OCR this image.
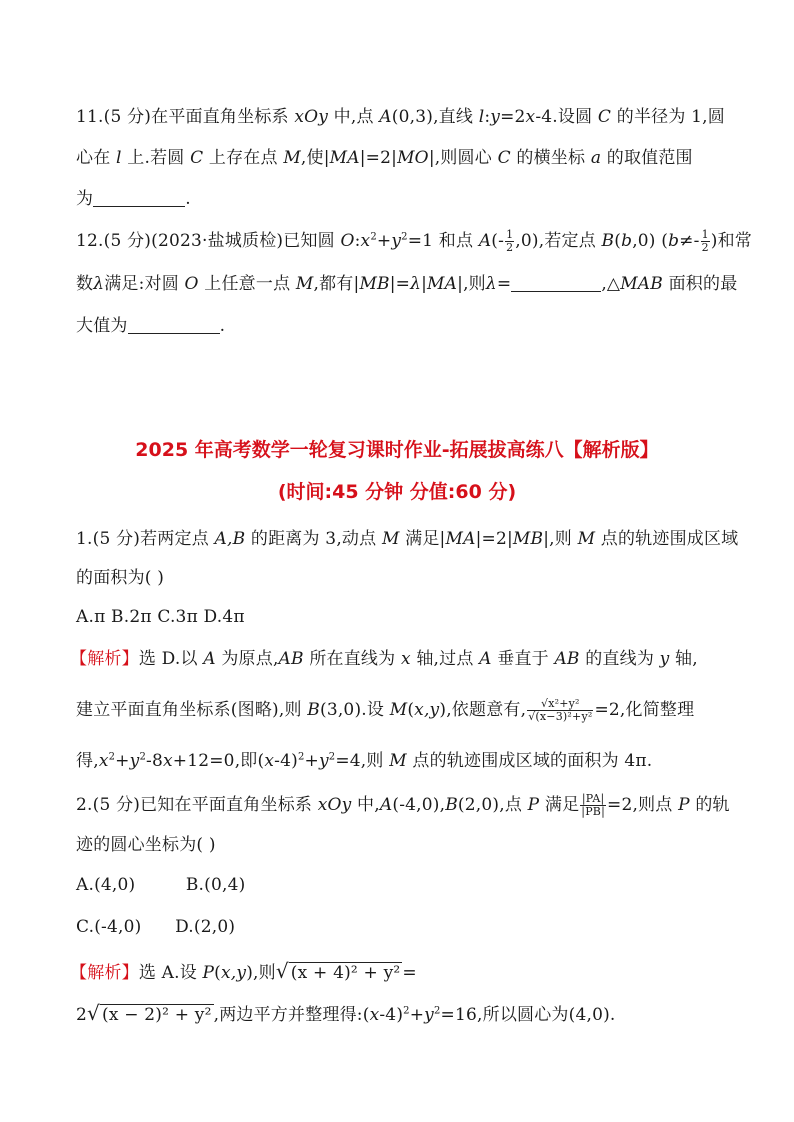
11.(5 分)在平面直角坐标系 xOy 中,点 A(0,3),直线 l:y=2x-4.设圆 C 的半径为 1,圆
心在 l 上.若圆 C 上存在点 M,使|MA|=2|MO|,则圆心 C 的横坐标 a 的取值范围
为	.
12.(5 分)(2023·盐城质检)已知圆 $O:x^2+y^2=1$ 和点 $A(- \frac{1}{2} ,0)$,若定点 B(b,0) ($b\ne- \frac{1}{2}$ )和常
数λ满足:对圆 O 上任意一点 M,都有|MB|=λ|MA|,则λ=	,△MAB 面积的最
大值为	.
2025 年高考数学一轮复习课时作业-拓展拔高练八【解析版】
(时间:45 分钟 分值:60 分)
1.(5 分)若两定点 A,B 的距离为 3,动点 M 满足|MA|=2|MB|,则 M 点的轨迹围成区域
的面积为( )
A.π B.2π C.3π D.4π
【解析】选 D.以 A 为原点,AB 所在直线为 x 轴,过点 A 垂直于 AB 的直线为 y 轴,
建立平面直角坐标系(图略),则 B(3,0).设 M(x,y),依题意有, $\frac{\text{√x²+y²}}{\text{√(x−3)²+y²}} =2$,化简整理
得$,x^2+y^2-8x+12=0$,即$(x-4)^2+y^2=4$,则 M 点的轨迹围成区域的面积为 4π.
2.(5 分)已知在平面直角坐标系 xOy 中,A(-4,0),B(2,0),点 P 满足 $\frac{|PA|}{|PB|} =2$,则点 P 的轨
迹的圆心坐标为( )
A.(4,0)         B.(0,4)
C.(-4,0)      D.(2,0)
【解析】选 A.设 P(x,y),则√ (x + 4)² + y² =
2√ (x − 2)² + y² ,两边平方并整理得$:(x-4)^2+y^2=16$,所以圆心为(4,0).
